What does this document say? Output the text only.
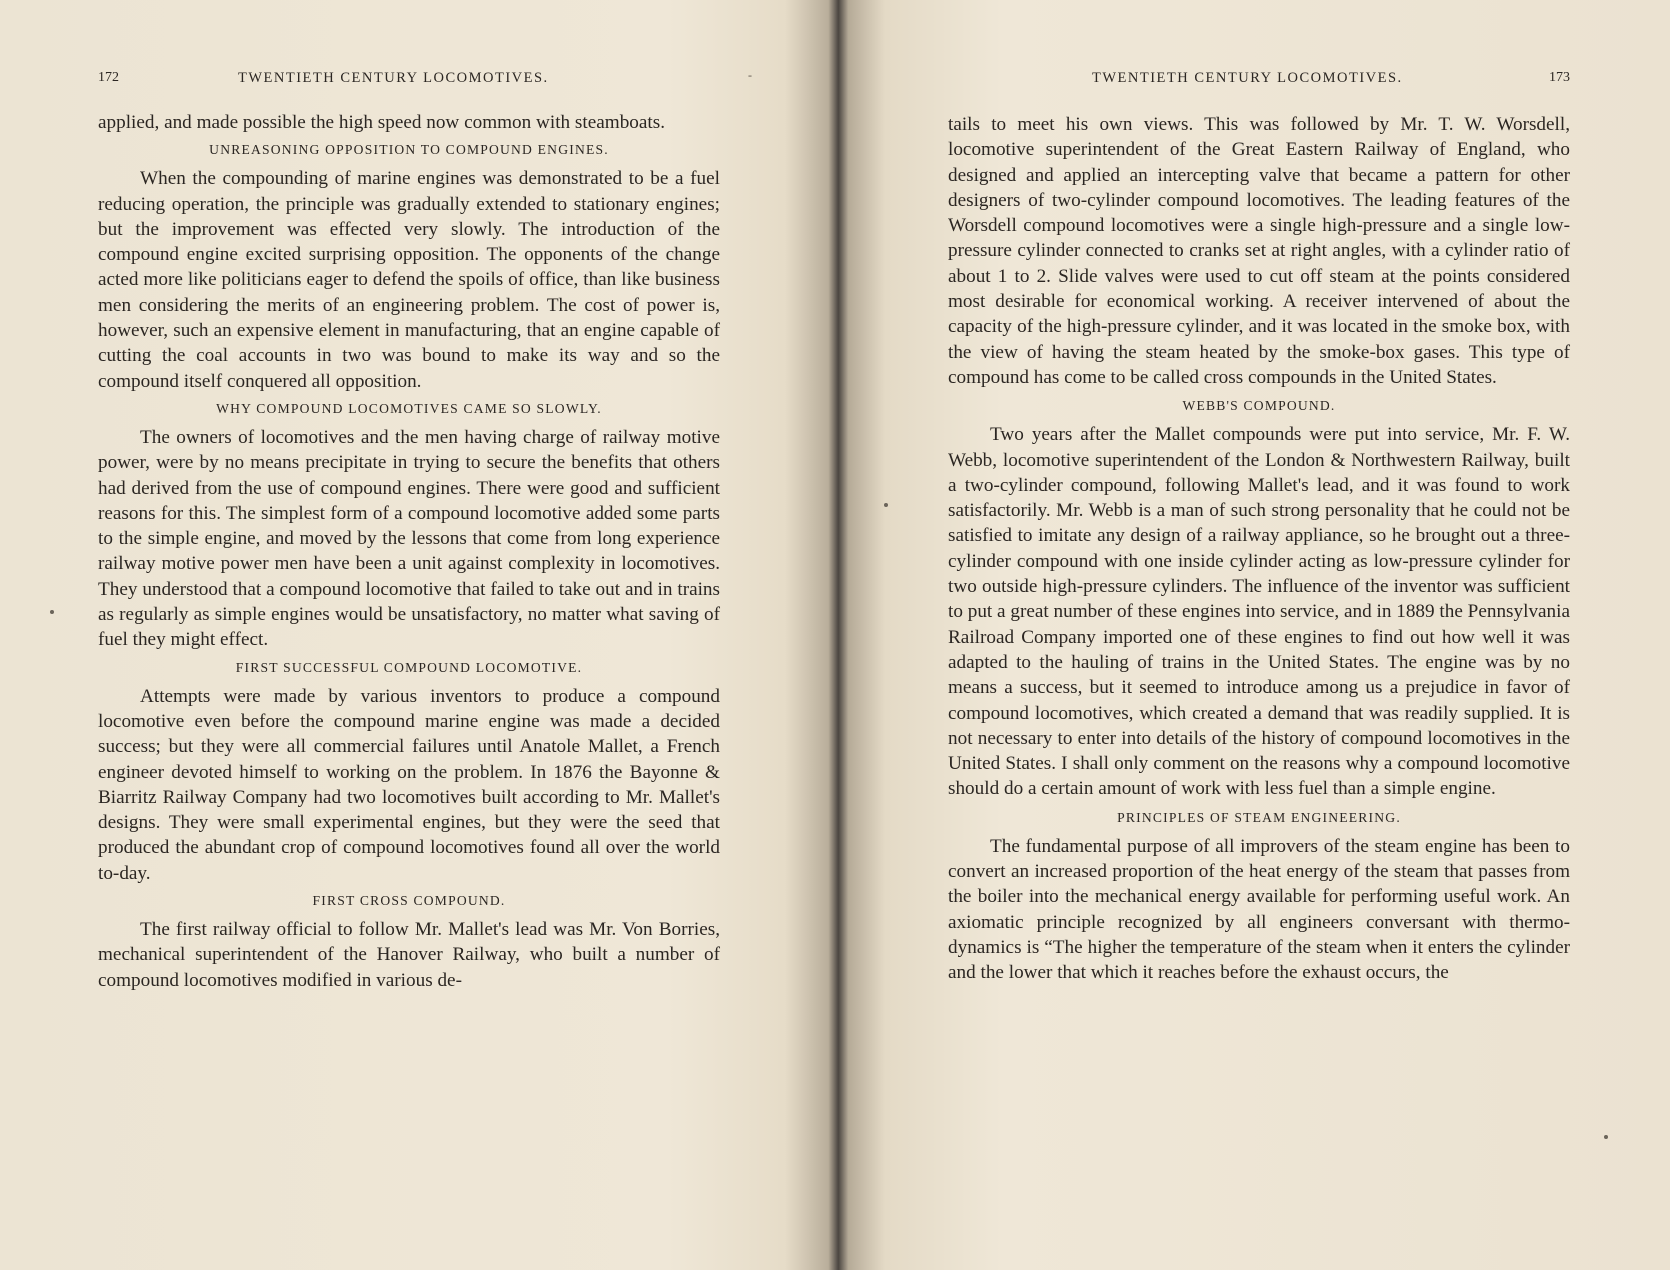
-
172	TWENTIETH CENTURY LOCOMOTIVES.

applied, and made possible the high speed now common with steamboats.

UNREASONING OPPOSITION TO COMPOUND ENGINES.

When the compounding of marine engines was demonstrated to be a fuel reducing operation, the principle was gradually extended to stationary engines; but the improvement was effected very slowly. The introduction of the compound engine excited surprising opposition. The opponents of the change acted more like politicians eager to defend the spoils of office, than like business men considering the merits of an engineering problem. The cost of power is, however, such an expensive element in manufacturing, that an engine capable of cutting the coal accounts in two was bound to make its way and so the compound itself conquered all opposition.

WHY COMPOUND LOCOMOTIVES CAME SO SLOWLY.

The owners of locomotives and the men having charge of railway motive power, were by no means precipitate in trying to secure the benefits that others had derived from the use of compound engines. There were good and sufficient reasons for this. The simplest form of a compound locomotive added some parts to the simple engine, and moved by the lessons that come from long experience railway motive power men have been a unit against complexity in locomotives. They understood that a compound locomotive that failed to take out and in trains as regularly as simple engines would be unsatisfactory, no matter what saving of fuel they might effect.

FIRST SUCCESSFUL COMPOUND LOCOMOTIVE.

Attempts were made by various inventors to produce a compound locomotive even before the compound marine engine was made a decided success; but they were all commercial failures until Anatole Mallet, a French engineer devoted himself to working on the problem. In 1876 the Bayonne & Biarritz Railway Company had two locomotives built according to Mr. Mallet's designs. They were small experimental engines, but they were the seed that produced the abundant crop of compound locomotives found all over the world to-day.

FIRST CROSS COMPOUND.

The first railway official to follow Mr. Mallet's lead was Mr. Von Borries, mechanical superintendent of the Hanover Railway, who built a number of compound locomotives modified in various de-

TWENTIETH CENTURY LOCOMOTIVES.	173

tails to meet his own views. This was followed by Mr. T. W. Worsdell, locomotive superintendent of the Great Eastern Railway of England, who designed and applied an intercepting valve that became a pattern for other designers of two-cylinder compound locomotives. The leading features of the Worsdell compound locomotives were a single high-pressure and a single low-pressure cylinder connected to cranks set at right angles, with a cylinder ratio of about 1 to 2. Slide valves were used to cut off steam at the points considered most desirable for economical working. A receiver intervened of about the capacity of the high-pressure cylinder, and it was located in the smoke box, with the view of having the steam heated by the smoke-box gases. This type of compound has come to be called cross compounds in the United States.

WEBB'S COMPOUND.

Two years after the Mallet compounds were put into service, Mr. F. W. Webb, locomotive superintendent of the London & Northwestern Railway, built a two-cylinder compound, following Mallet's lead, and it was found to work satisfactorily. Mr. Webb is a man of such strong personality that he could not be satisfied to imitate any design of a railway appliance, so he brought out a three-cylinder compound with one inside cylinder acting as low-pressure cylinder for two outside high-pressure cylinders. The influence of the inventor was sufficient to put a great number of these engines into service, and in 1889 the Pennsylvania Railroad Company imported one of these engines to find out how well it was adapted to the hauling of trains in the United States. The engine was by no means a success, but it seemed to introduce among us a prejudice in favor of compound locomotives, which created a demand that was readily supplied. It is not necessary to enter into details of the history of compound locomotives in the United States. I shall only comment on the reasons why a compound locomotive should do a certain amount of work with less fuel than a simple engine.

PRINCIPLES OF STEAM ENGINEERING.

The fundamental purpose of all improvers of the steam engine has been to convert an increased proportion of the heat energy of the steam that passes from the boiler into the mechanical energy available for performing useful work. An axiomatic principle recognized by all engineers conversant with thermo-dynamics is “The higher the temperature of the steam when it enters the cylinder and the lower that which it reaches before the exhaust occurs, the
